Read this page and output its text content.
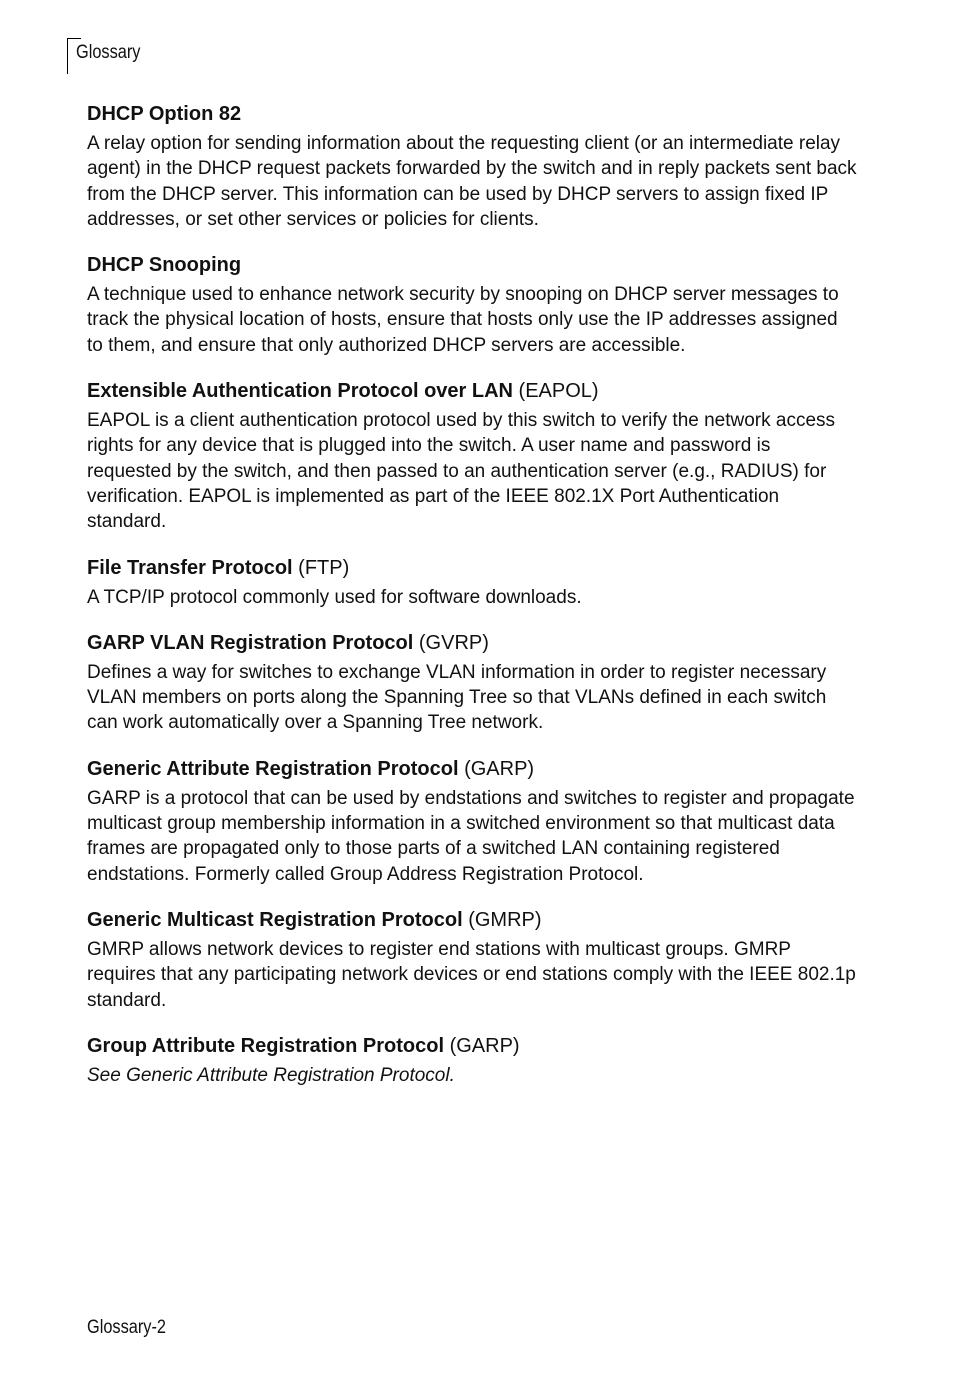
Glossary
DHCP Option 82

A relay option for sending information about the requesting client (or an intermediate relay agent) in the DHCP request packets forwarded by the switch and in reply packets sent back from the DHCP server. This information can be used by DHCP servers to assign fixed IP addresses, or set other services or policies for clients.

DHCP Snooping

A technique used to enhance network security by snooping on DHCP server messages to track the physical location of hosts, ensure that hosts only use the IP addresses assigned to them, and ensure that only authorized DHCP servers are accessible.

Extensible Authentication Protocol over LAN (EAPOL)

EAPOL is a client authentication protocol used by this switch to verify the network access rights for any device that is plugged into the switch. A user name and password is requested by the switch, and then passed to an authentication server (e.g., RADIUS) for verification. EAPOL is implemented as part of the IEEE 802.1X Port Authentication standard.

File Transfer Protocol (FTP)

A TCP/IP protocol commonly used for software downloads.

GARP VLAN Registration Protocol (GVRP)

Defines a way for switches to exchange VLAN information in order to register necessary VLAN members on ports along the Spanning Tree so that VLANs defined in each switch can work automatically over a Spanning Tree network.

Generic Attribute Registration Protocol (GARP)

GARP is a protocol that can be used by endstations and switches to register and propagate multicast group membership information in a switched environment so that multicast data frames are propagated only to those parts of a switched LAN containing registered endstations. Formerly called Group Address Registration Protocol.

Generic Multicast Registration Protocol (GMRP)

GMRP allows network devices to register end stations with multicast groups. GMRP requires that any participating network devices or end stations comply with the IEEE 802.1p standard.

Group Attribute Registration Protocol (GARP)

See Generic Attribute Registration Protocol.

Glossary-2
